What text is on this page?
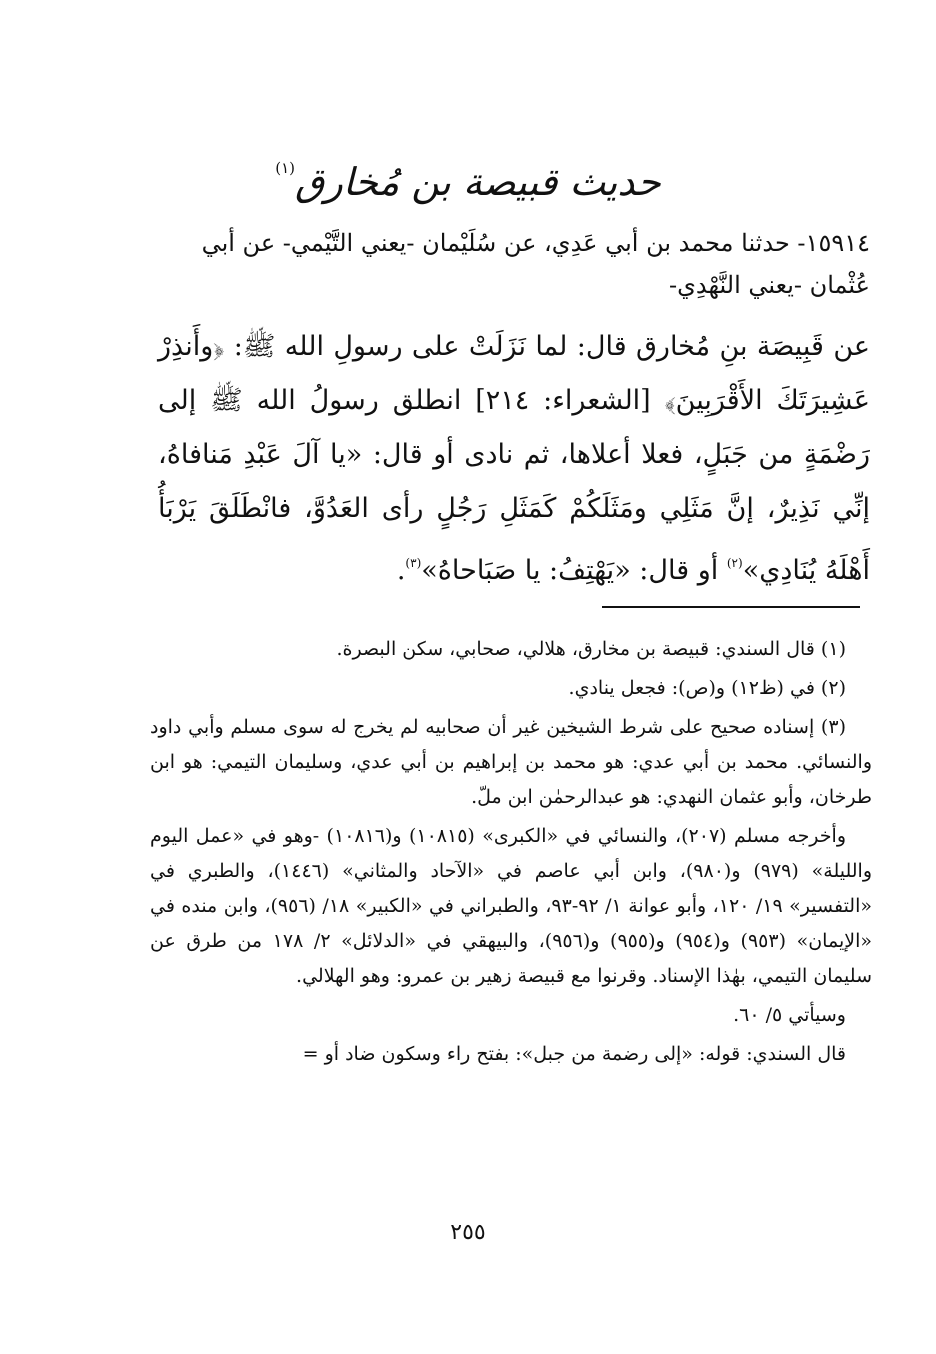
حديث قبيصة بن مُخارق$^{(١)}$
١٥٩١٤- حدثنا محمد بن أبي عَدِي، عن سُلَيْمان -يعني التَّيْمي- عن أبي عُثْمان -يعني النَّهْدِي-
عن قَبِيصَة بنِ مُخارق قال: لما نَزَلَتْ على رسولِ الله ﷺ: ﴿وأَنذِرْ عَشِيرَتَكَ الأَقْرَبِينَ﴾ [الشعراء: ٢١٤] انطلق رسولُ الله ﷺ إلى رَضْمَةٍ من جَبَلٍ، فعلا أعلاها، ثم نادى أو قال: «يا آلَ عَبْدِ مَنافاهُ، إنِّي نَذِيرٌ، إنَّ مَثَلِي ومَثَلَكُمْ كَمَثَلِ رَجُلٍ رأى العَدُوَّ، فانْطَلَقَ يَرْبَأُ أَهْلَهُ يُنَادِي»$^{(٢)}$ أو قال: «يَهْتِفُ: يا صَبَاحاهُ»$^{(٣)}$.

(١) قال السندي: قبيصة بن مخارق، هلالي، صحابي، سكن البصرة.

(٢) في (ظ١٢) و(ص): فجعل ينادي.

(٣) إسناده صحيح على شرط الشيخين غير أن صحابيه لم يخرج له سوى مسلم وأبي داود والنسائي. محمد بن أبي عدي: هو محمد بن إبراهيم بن أبي عدي، وسليمان التيمي: هو ابن طرخان، وأبو عثمان النهدي: هو عبدالرحمٰن ابن ملّ.

وأخرجه مسلم (٢٠٧)، والنسائي في «الكبرى» (١٠٨١٥) و(١٠٨١٦) -وهو في «عمل اليوم والليلة» (٩٧٩) و(٩٨٠)، وابن أبي عاصم في «الآحاد والمثاني» (١٤٤٦)، والطبري في «التفسير» ١٩/ ١٢٠، وأبو عوانة ١/ ٩٢-٩٣، والطبراني في «الكبير» ١٨/ (٩٥٦)، وابن منده في «الإيمان» (٩٥٣) و(٩٥٤) و(٩٥٥) و(٩٥٦)، والبيهقي في «الدلائل» ٢/ ١٧٨ من طرق عن سليمان التيمي، بهٰذا الإسناد. وقرنوا مع قبيصة زهير بن عمرو: وهو الهلالي.

وسيأتي ٥/ ٦٠.

قال السندي: قوله: «إلى رضمة من جبل»: بفتح راء وسكون ضاد أو =

٢٥٥
